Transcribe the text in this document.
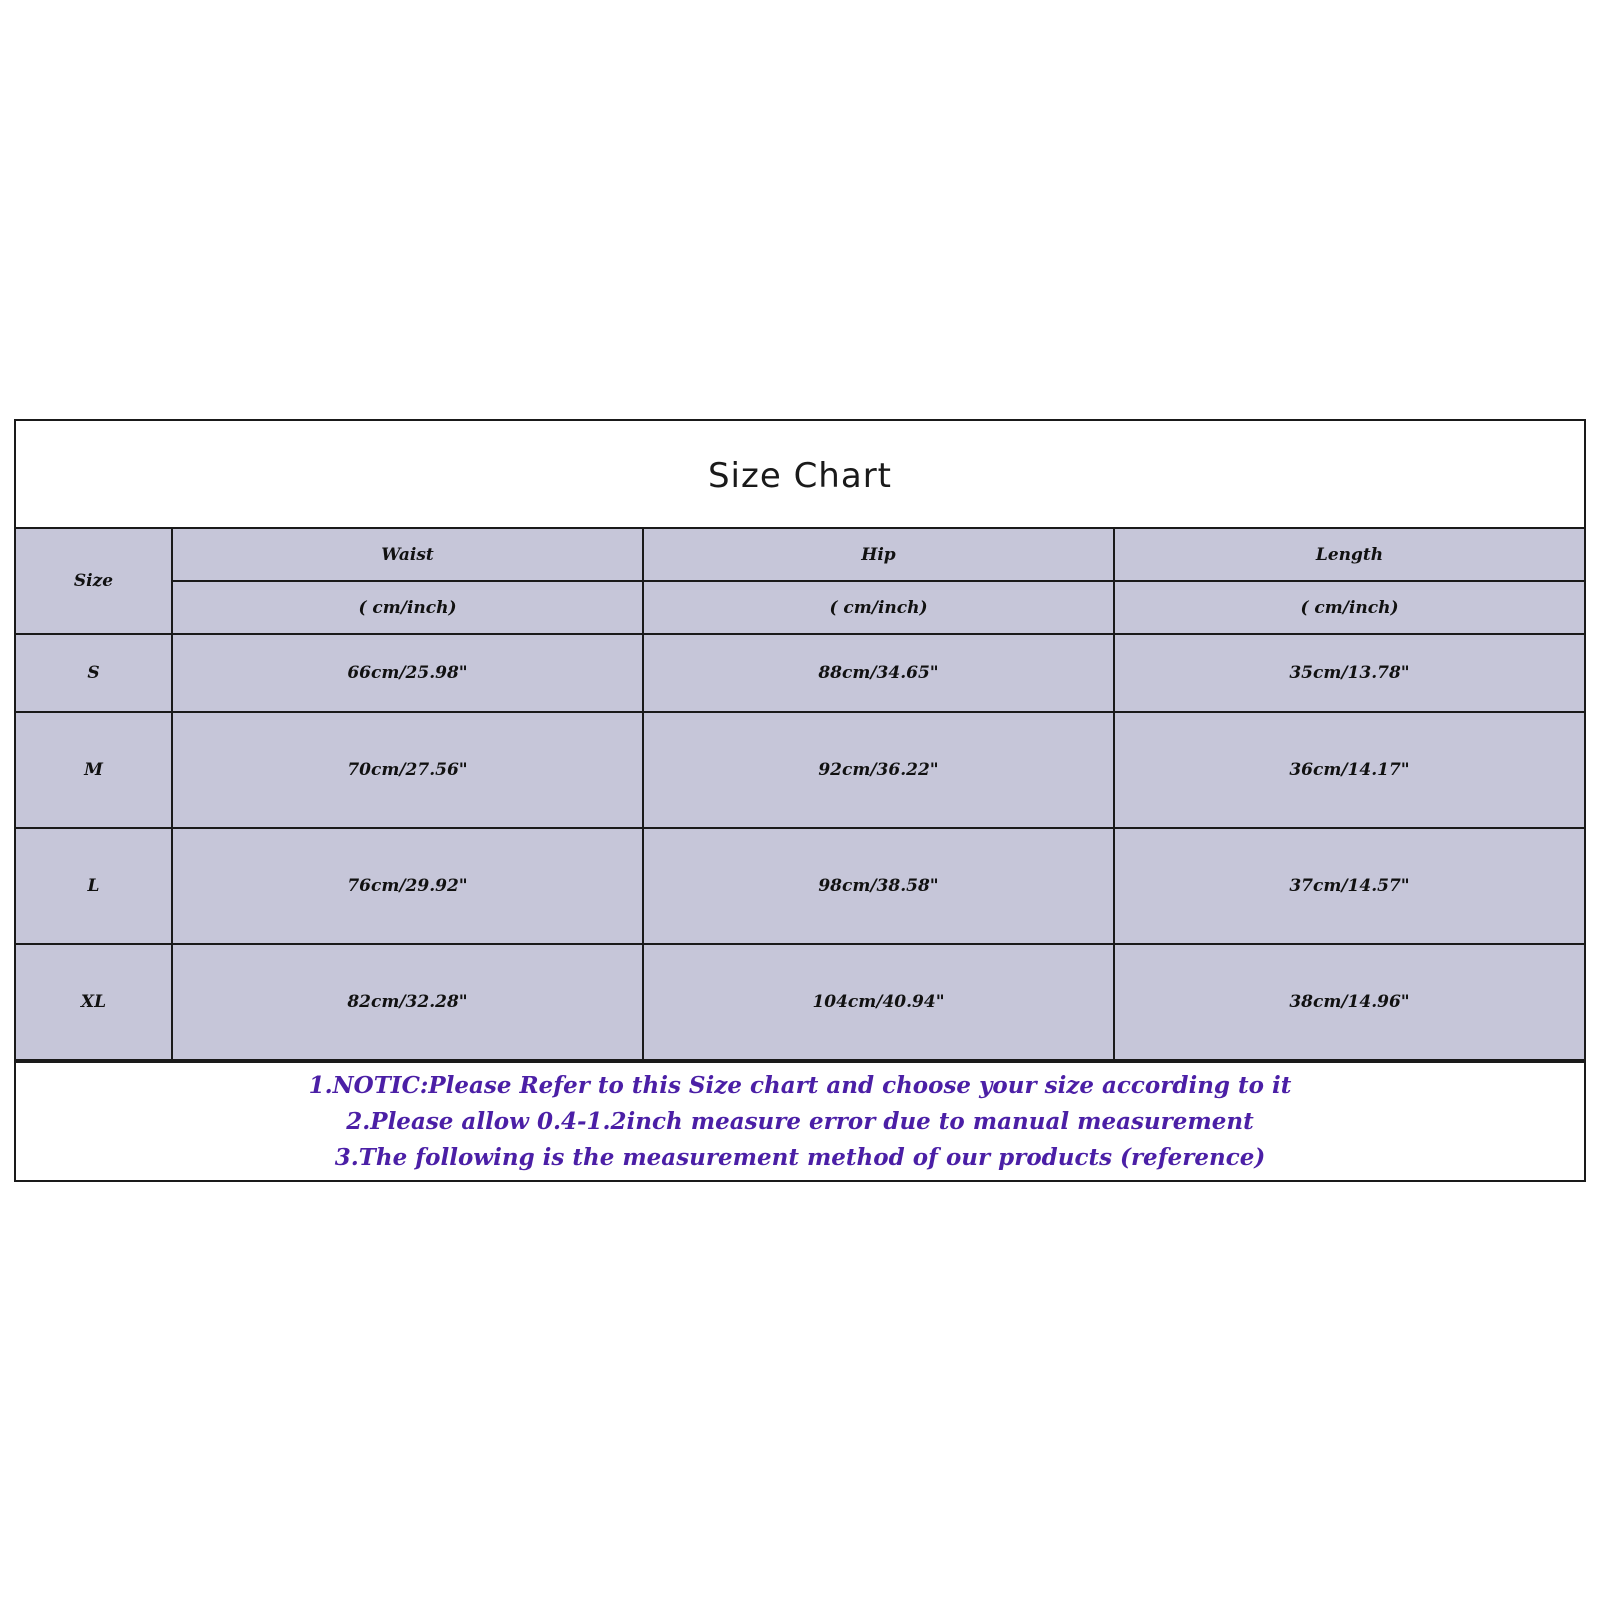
Size Chart
Size	Waist	Hip	Length
	( cm/inch)	( cm/inch)	( cm/inch)
S	66cm/25.98"	88cm/34.65"	35cm/13.78"
M	70cm/27.56"	92cm/36.22"	36cm/14.17"
L	76cm/29.92"	98cm/38.58"	37cm/14.57"
XL	82cm/32.28"	104cm/40.94"	38cm/14.96"
1.NOTIC:Please Refer to this Size chart and choose your size according to it
2.Please allow 0.4-1.2inch measure error due to manual measurement
3.The following is the measurement method of our products (reference)
